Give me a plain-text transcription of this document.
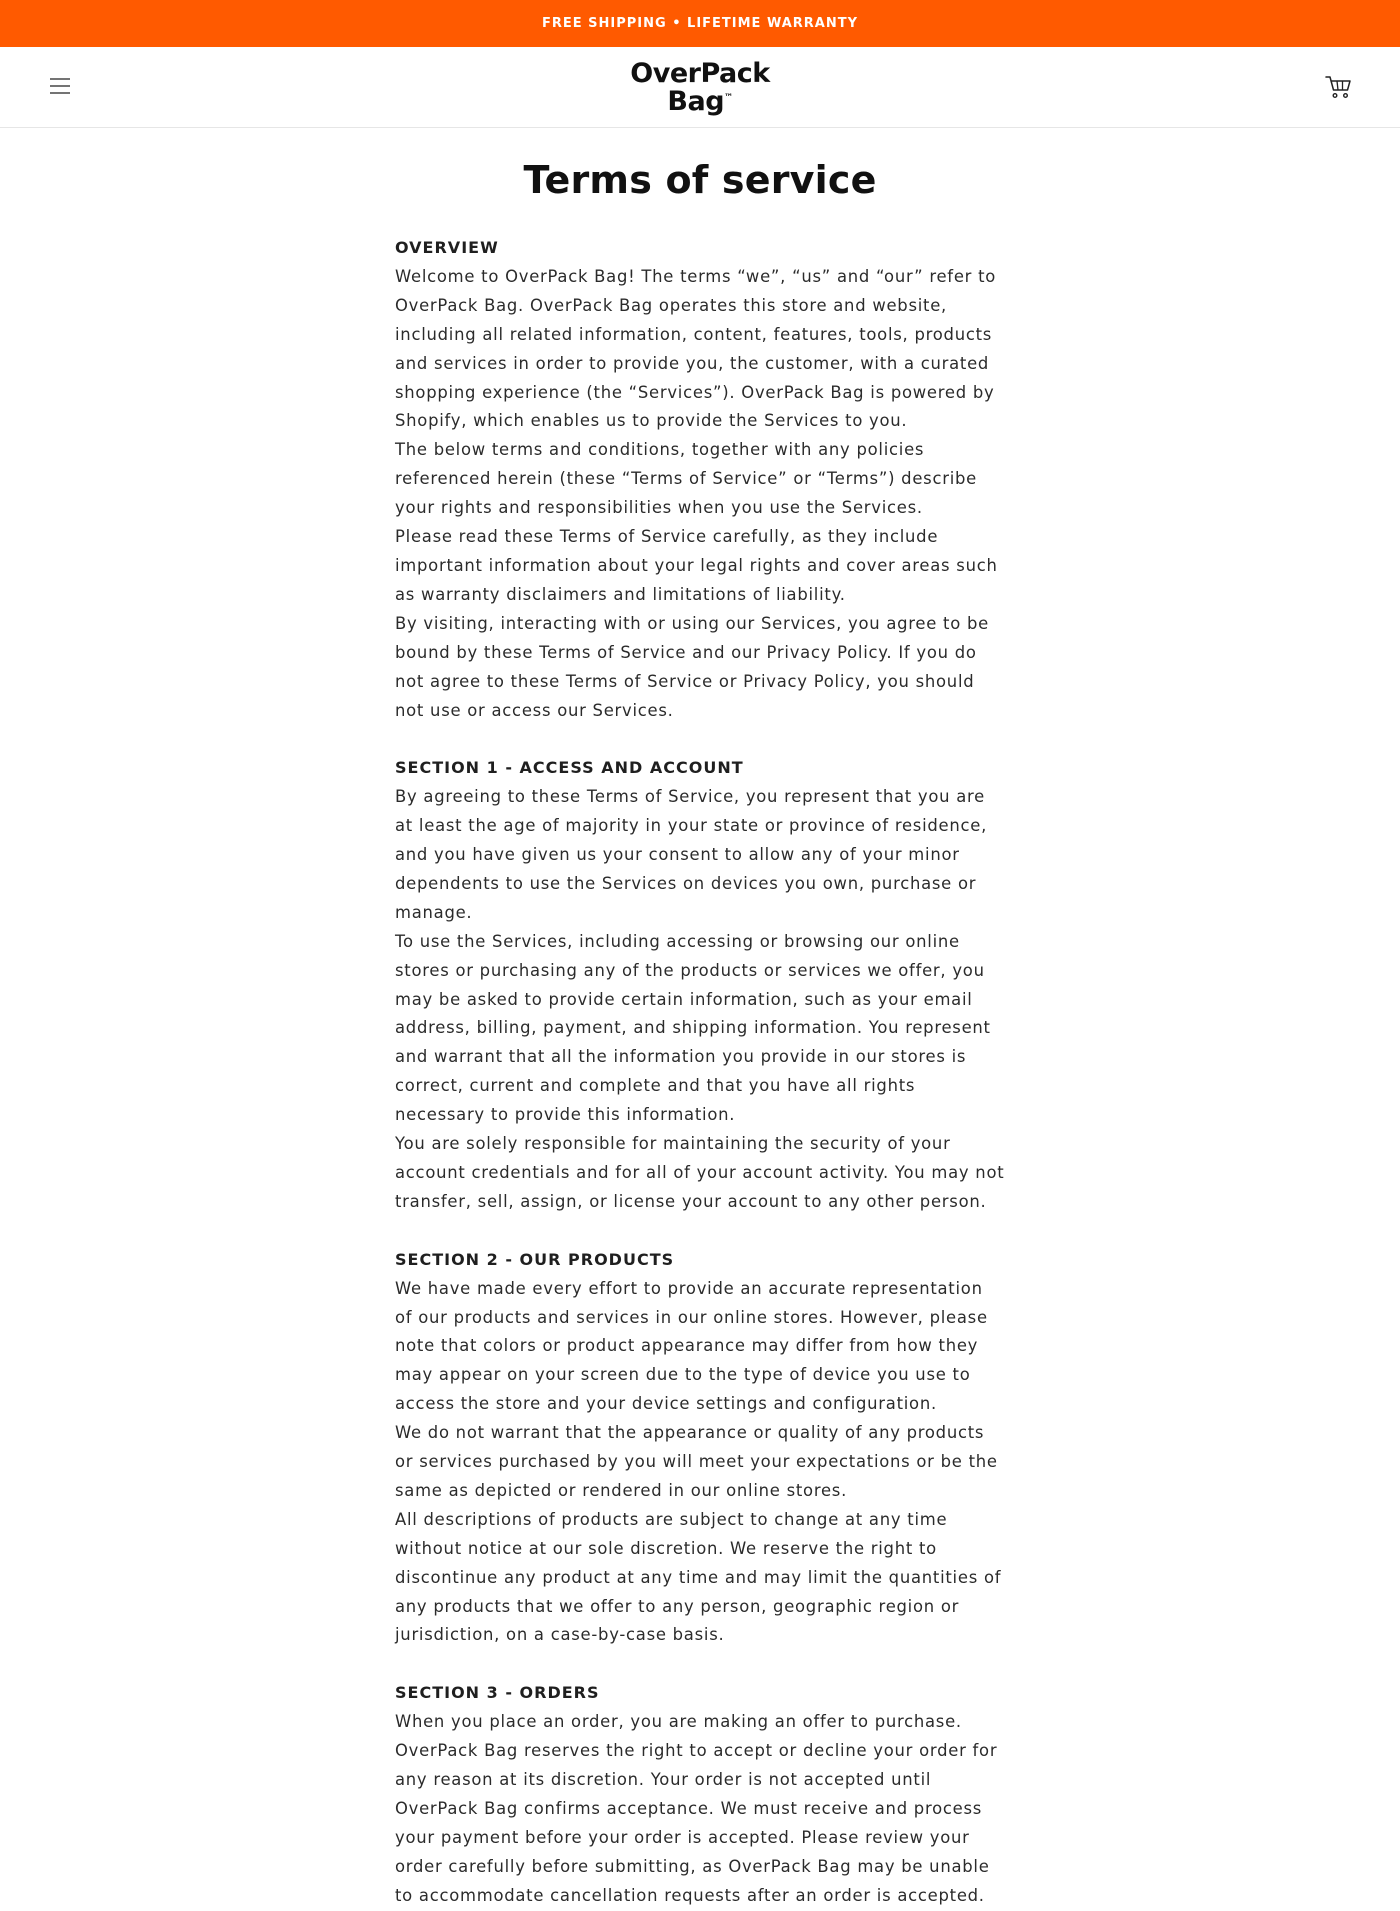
FREE SHIPPING • LIFETIME WARRANTY
OverPack
Bag™
Terms of service
OVERVIEW

Welcome to OverPack Bag! The terms “we”, “us” and “our” refer to OverPack Bag. OverPack Bag operates this store and website, including all related information, content, features, tools, products and services in order to provide you, the customer, with a curated shopping experience (the “Services”). OverPack Bag is powered by Shopify, which enables us to provide the Services to you.

The below terms and conditions, together with any policies referenced herein (these “Terms of Service” or “Terms”) describe your rights and responsibilities when you use the Services.

Please read these Terms of Service carefully, as they include important information about your legal rights and cover areas such as warranty disclaimers and limitations of liability.

By visiting, interacting with or using our Services, you agree to be bound by these Terms of Service and our Privacy Policy. If you do not agree to these Terms of Service or Privacy Policy, you should not use or access our Services.

SECTION 1 - ACCESS AND ACCOUNT

By agreeing to these Terms of Service, you represent that you are at least the age of majority in your state or province of residence, and you have given us your consent to allow any of your minor dependents to use the Services on devices you own, purchase or manage.

To use the Services, including accessing or browsing our online stores or purchasing any of the products or services we offer, you may be asked to provide certain information, such as your email address, billing, payment, and shipping information. You represent and warrant that all the information you provide in our stores is correct, current and complete and that you have all rights necessary to provide this information.

You are solely responsible for maintaining the security of your account credentials and for all of your account activity. You may not transfer, sell, assign, or license your account to any other person.

SECTION 2 - OUR PRODUCTS

We have made every effort to provide an accurate representation of our products and services in our online stores. However, please note that colors or product appearance may differ from how they may appear on your screen due to the type of device you use to access the store and your device settings and configuration.

We do not warrant that the appearance or quality of any products or services purchased by you will meet your expectations or be the same as depicted or rendered in our online stores.

All descriptions of products are subject to change at any time without notice at our sole discretion. We reserve the right to discontinue any product at any time and may limit the quantities of any products that we offer to any person, geographic region or jurisdiction, on a case-by-case basis.

SECTION 3 - ORDERS

When you place an order, you are making an offer to purchase. OverPack Bag reserves the right to accept or decline your order for any reason at its discretion. Your order is not accepted until OverPack Bag confirms acceptance. We must receive and process your payment before your order is accepted. Please review your order carefully before submitting, as OverPack Bag may be unable to accommodate cancellation requests after an order is accepted.
